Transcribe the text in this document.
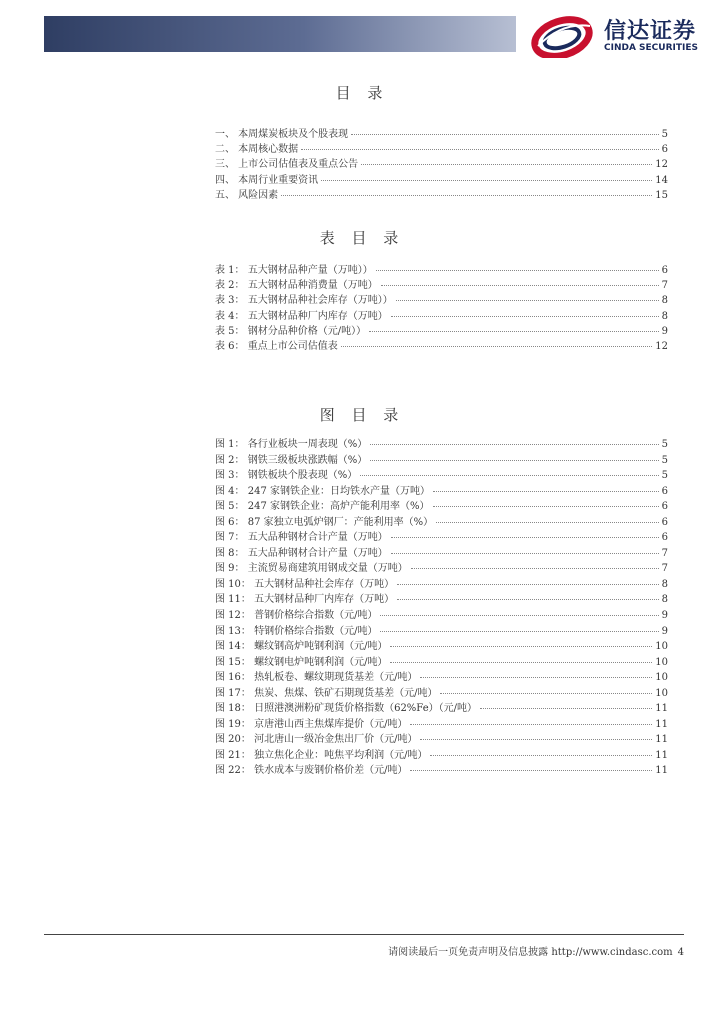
信达证券
CINDA SECURITIES
目 录
一、 本周煤炭板块及个股表现	5
二、 本周核心数据	6
三、 上市公司估值表及重点公告	12
四、 本周行业重要资讯	14
五、 风险因素	15
表 目 录
表 1： 五大钢材品种产量（万吨））	6
表 2： 五大钢材品种消费量（万吨）	7
表 3： 五大钢材品种社会库存（万吨））	8
表 4： 五大钢材品种厂内库存（万吨）	8
表 5： 钢材分品种价格（元/吨））	9
表 6： 重点上市公司估值表	12
图 目 录
图 1： 各行业板块一周表现（%）	5
图 2： 钢铁三级板块涨跌幅（%）	5
图 3： 钢铁板块个股表现（%）	5
图 4： 247 家钢铁企业：日均铁水产量（万吨）	6
图 5： 247 家钢铁企业：高炉产能利用率（%）	6
图 6： 87 家独立电弧炉钢厂：产能利用率（%）	6
图 7： 五大品种钢材合计产量（万吨）	6
图 8： 五大品种钢材合计产量（万吨）	7
图 9： 主流贸易商建筑用钢成交量（万吨）	7
图 10： 五大钢材品种社会库存（万吨）	8
图 11： 五大钢材品种厂内库存（万吨）	8
图 12： 普钢价格综合指数（元/吨）	9
图 13： 特钢价格综合指数（元/吨）	9
图 14： 螺纹钢高炉吨钢利润（元/吨）	10
图 15： 螺纹钢电炉吨钢利润（元/吨）	10
图 16： 热轧板卷、螺纹期现货基差（元/吨）	10
图 17： 焦炭、焦煤、铁矿石期现货基差（元/吨）	10
图 18： 日照港澳洲粉矿现货价格指数（62%Fe）（元/吨）	11
图 19： 京唐港山西主焦煤库提价（元/吨）	11
图 20： 河北唐山一级冶金焦出厂价（元/吨）	11
图 21： 独立焦化企业：吨焦平均利润（元/吨）	11
图 22： 铁水成本与废钢价格价差（元/吨）	11
请阅读最后一页免责声明及信息披露 http://www.cindasc.com 4
